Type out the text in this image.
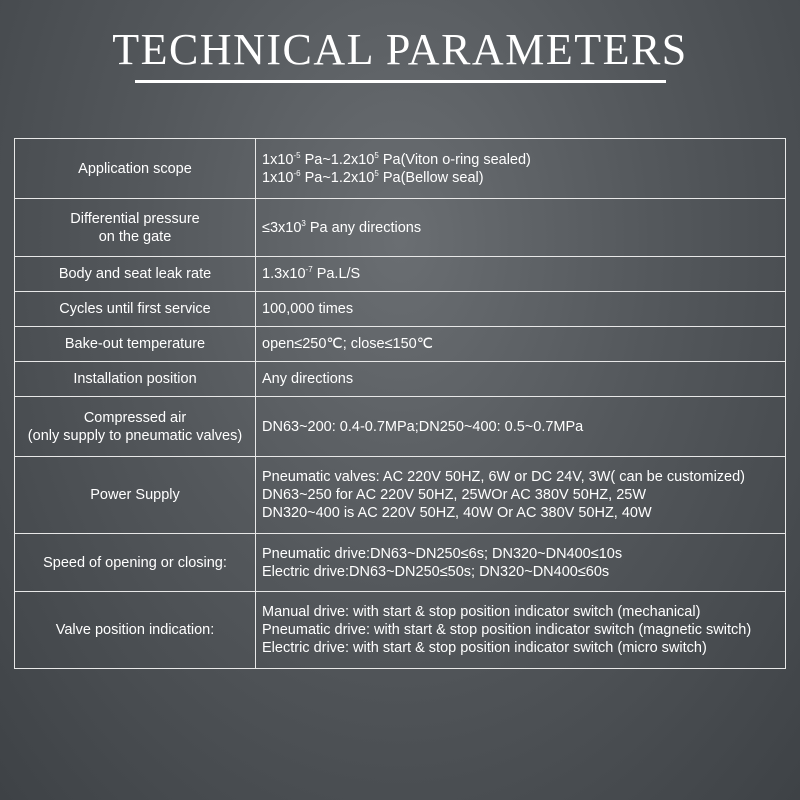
TECHNICAL PARAMETERS
Application scope	$1x10^{-5}$ $Pa\sim 1.2x10^5$ Pa(Viton o-ring sealed)
$1x10^{-6}$ $Pa\sim 1.2x10^5$ Pa(Bellow seal)

Differential pressure
on the gate	$\le 3x10^3$ Pa any directions

Body and seat leak rate	$1.3x10^{-7}$ Pa.L/S

Cycles until first service	100,000 times

Bake-out temperature	open≤250℃; close≤150℃

Installation position	Any directions

Compressed air
(only supply to pneumatic valves)	DN63~200: 0.4-0.7MPa;DN250~400: 0.5~0.7MPa

Power Supply	Pneumatic valves: AC 220V 50HZ, 6W or DC 24V, 3W( can be customized)
DN63~250 for AC 220V 50HZ, 25WOr AC 380V 50HZ, 25W
DN320~400 is AC 220V 50HZ, 40W Or AC 380V 50HZ, 40W

Speed of opening or closing:	Pneumatic drive:DN63~DN250≤6s; DN320~DN400≤10s
Electric drive:DN63~DN250≤50s; DN320~DN400≤60s

Valve position indication:	Manual drive: with start & stop position indicator switch (mechanical)
Pneumatic drive: with start & stop position indicator switch (magnetic switch)
Electric drive: with start & stop position indicator switch (micro switch)
